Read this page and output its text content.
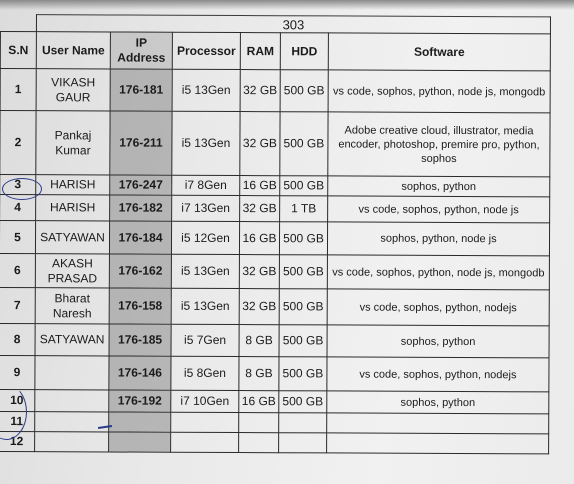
	303					
S.N	User Name	IP Address	Processor	RAM	HDD	Software
1	VIKASH GAUR	176-181	i5 13Gen	32 GB	500 GB	vs code, sophos, python, node js, mongodb
2	Pankaj Kumar	176-211	i5 13Gen	32 GB	500 GB	Adobe creative cloud, illustrator, media encoder, photoshop, premire pro, python, sophos
3	HARISH	176-247	i7 8Gen	16 GB	500 GB	sophos, python
4	HARISH	176-182	i7 13Gen	32 GB	1 TB	vs code, sophos, python, node js
5	SATYAWAN	176-184	i5 12Gen	16 GB	500 GB	sophos, python, node js
6	AKASH PRASAD	176-162	i5 13Gen	32 GB	500 GB	vs code, sophos, python, node js, mongodb
7	Bharat Naresh	176-158	i5 13Gen	32 GB	500 GB	vs code, sophos, python, nodejs
8	SATYAWAN	176-185	i5 7Gen	8 GB	500 GB	sophos, python
9		176-146	i5 8Gen	8 GB	500 GB	vs code, sophos, python, nodejs
10		176-192	i7 10Gen	16 GB	500 GB	sophos, python
11						
12						
